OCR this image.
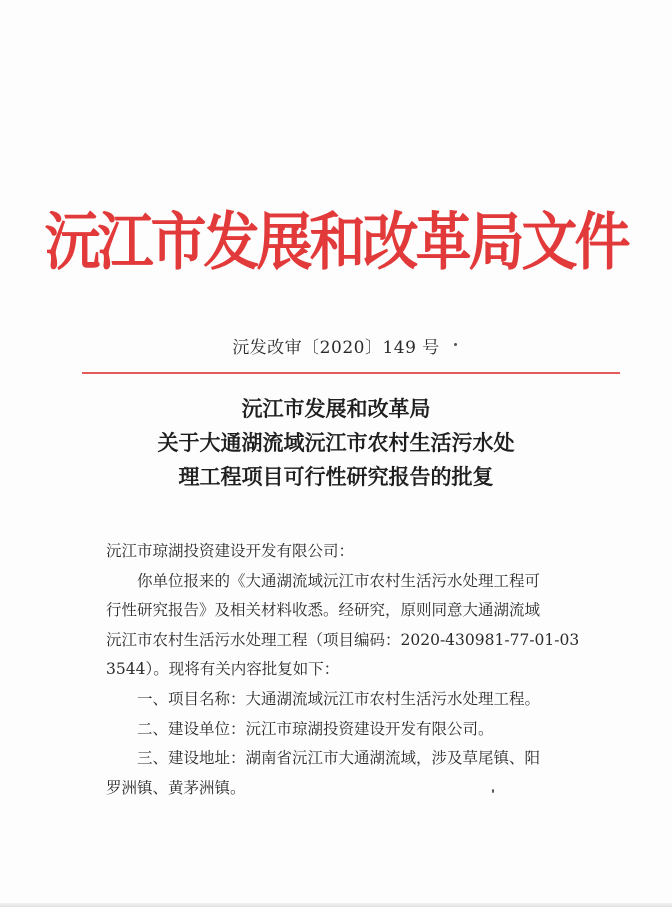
沅江市发展和改革局文件
沅发改审〔2020〕149 号
沅江市发展和改革局
关于大通湖流域沅江市农村生活污水处
理工程项目可行性研究报告的批复
沅江市琼湖投资建设开发有限公司：
你单位报来的《大通湖流域沅江市农村生活污水处理工程可
行性研究报告》及相关材料收悉。经研究，原则同意大通湖流域
沅江市农村生活污水处理工程（项目编码：2020-430981-77-01-03
3544）。现将有关内容批复如下：
一、项目名称：大通湖流域沅江市农村生活污水处理工程。
二、建设单位：沅江市琼湖投资建设开发有限公司。
三、建设地址：湖南省沅江市大通湖流域，涉及草尾镇、阳
罗洲镇、黄茅洲镇。
